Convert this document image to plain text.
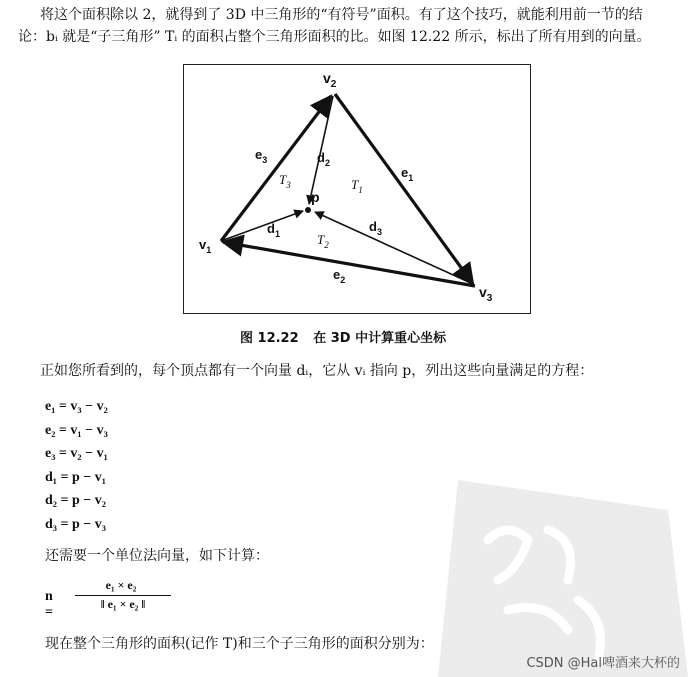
将这个面积除以 2，就得到了 3D 中三角形的“有符号”面积。有了这个技巧，就能利用前一节的结
论：bᵢ 就是“子三角形” Tᵢ 的面积占整个三角形面积的比。如图 12.22 所示，标出了所有用到的向量。
$v_2$
$v_1$
$v_3$
p
$e_3$
$e_1$
$e_2$
$d_1$
$d_2$
$d_3$
$T_1$
$T_2$
$T_3$
图 12.22 在 3D 中计算重心坐标
正如您所看到的，每个顶点都有一个向量 dᵢ，它从 vᵢ 指向 p，列出这些向量满足的方程：
e₁ = v₃ − v₂
e₂ = v₁ − v₃
e₃ = v₂ − v₁
d₁ = p − v₁
d₂ = p − v₂
d₃ = p − v₃
还需要一个单位法向量，如下计算：
n =
e₁ × e₂
‖ e₁ × e₂ ‖
现在整个三角形的面积(记作 T)和三个子三角形的面积分别为：
CSDN @Hal啤酒来大杯的
